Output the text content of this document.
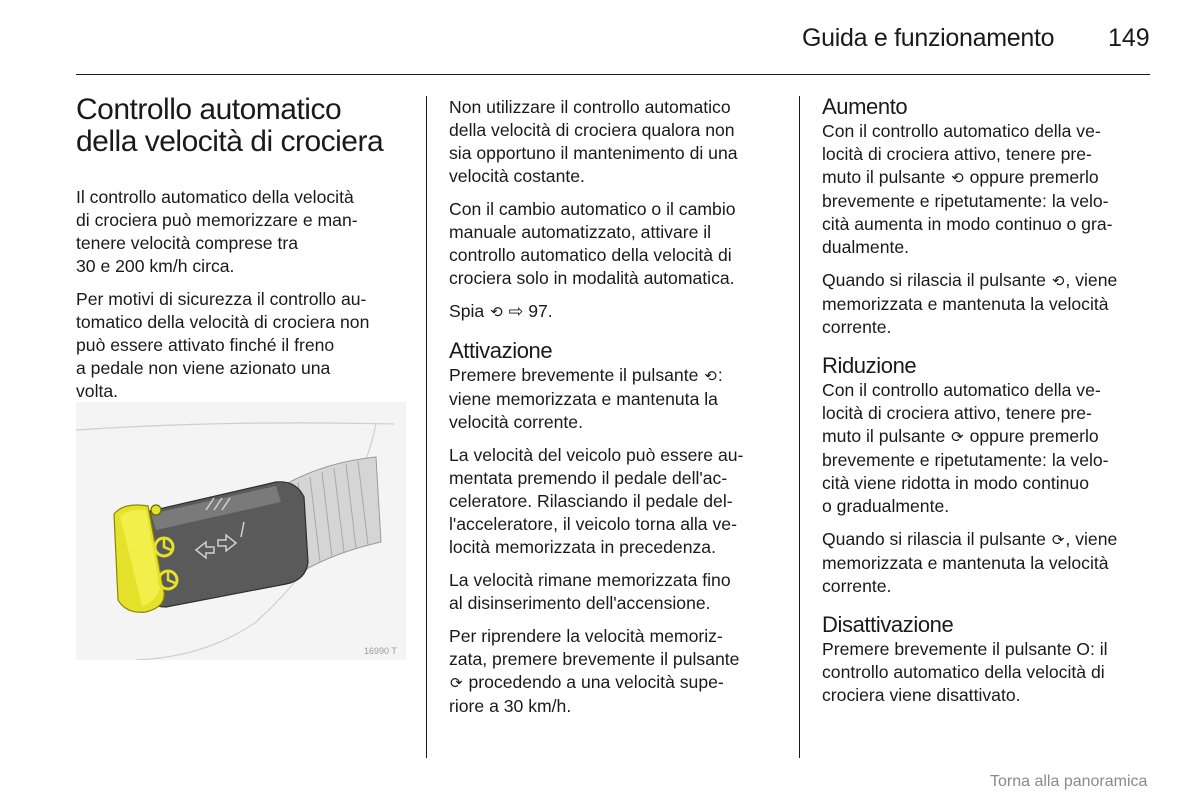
Guida e funzionamento 149
Controllo automatico
della velocità di crociera

Il controllo automatico della velocità
di crociera può memorizzare e man-
tenere velocità comprese tra
30 e 200 km/h circa.

Per motivi di sicurezza il controllo au-
tomatico della velocità di crociera non
può essere attivato finché il freno
a pedale non viene azionato una
volta.

16990 T

Non utilizzare il controllo automatico
della velocità di crociera qualora non
sia opportuno il mantenimento di una
velocità costante.

Con il cambio automatico o il cambio
manuale automatizzato, attivare il
controllo automatico della velocità di
crociera solo in modalità automatica.

Spia ⟲ ⇨ 97.

Attivazione

Premere brevemente il pulsante ⟲:
viene memorizzata e mantenuta la
velocità corrente.

La velocità del veicolo può essere au-
mentata premendo il pedale dell'ac-
celeratore. Rilasciando il pedale del-
l'acceleratore, il veicolo torna alla ve-
locità memorizzata in precedenza.

La velocità rimane memorizzata fino
al disinserimento dell'accensione.

Per riprendere la velocità memoriz-
zata, premere brevemente il pulsante
⟳ procedendo a una velocità supe-
riore a 30 km/h.

Aumento

Con il controllo automatico della ve-
locità di crociera attivo, tenere pre-
muto il pulsante ⟲ oppure premerlo
brevemente e ripetutamente: la velo-
cità aumenta in modo continuo o gra-
dualmente.

Quando si rilascia il pulsante ⟲, viene
memorizzata e mantenuta la velocità
corrente.

Riduzione

Con il controllo automatico della ve-
locità di crociera attivo, tenere pre-
muto il pulsante ⟳ oppure premerlo
brevemente e ripetutamente: la velo-
cità viene ridotta in modo continuo
o gradualmente.

Quando si rilascia il pulsante ⟳, viene
memorizzata e mantenuta la velocità
corrente.

Disattivazione

Premere brevemente il pulsante O: il
controllo automatico della velocità di
crociera viene disattivato.

Torna alla panoramica
